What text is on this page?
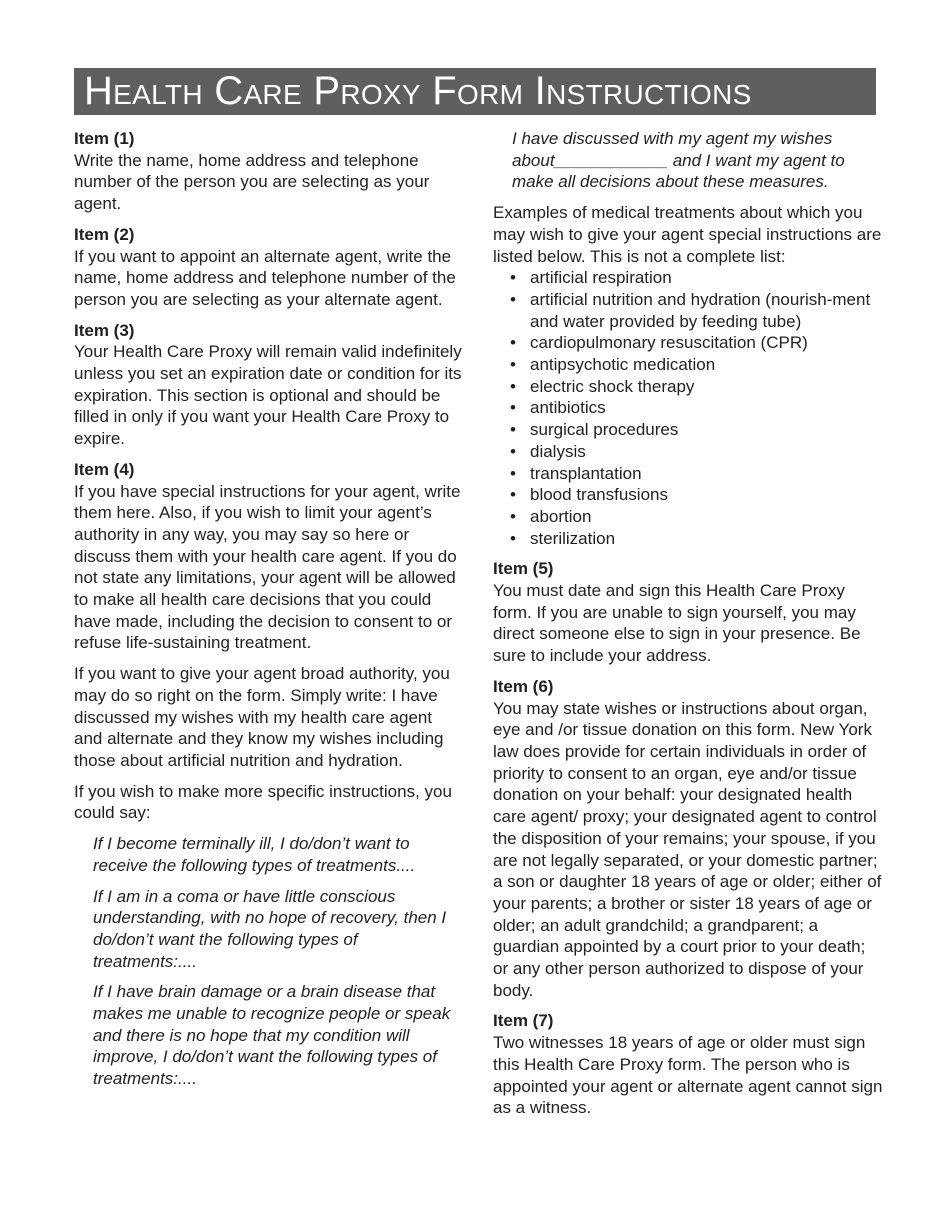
Health Care Proxy Form Instructions

Item (1)

Write the name, home address and telephone number of the person you are selecting as your agent.

Item (2)

If you want to appoint an alternate agent, write the name, home address and telephone number of the person you are selecting as your alternate agent.

Item (3)

Your Health Care Proxy will remain valid indefinitely unless you set an expiration date or condition for its expiration. This section is optional and should be filled in only if you want your Health Care Proxy to expire.

Item (4)

If you have special instructions for your agent, write them here. Also, if you wish to limit your agent’s authority in any way, you may say so here or discuss them with your health care agent. If you do not state any limitations, your agent will be allowed to make all health care decisions that you could have made, including the decision to consent to or refuse life-sustaining treatment.

If you want to give your agent broad authority, you may do so right on the form. Simply write: I have discussed my wishes with my health care agent and alternate and they know my wishes including those about artificial nutrition and hydration.

If you wish to make more specific instructions, you could say:

If I become terminally ill, I do/don’t want to receive the following types of treatments....

If I am in a coma or have little conscious understanding, with no hope of recovery, then I do/don’t want the following types of treatments:....

If I have brain damage or a brain disease that makes me unable to recognize people or speak and there is no hope that my condition will improve, I do/don’t want the following types of treatments:....

I have discussed with my agent my wishes about____________ and I want my agent to make all decisions about these measures.

Examples of medical treatments about which you may wish to give your agent special instructions are listed below. This is not a complete list:

• artificial respiration
• artificial nutrition and hydration (nourish-ment and water provided by feeding tube)
• cardiopulmonary resuscitation (CPR)
• antipsychotic medication
• electric shock therapy
• antibiotics
• surgical procedures
• dialysis
• transplantation
• blood transfusions
• abortion
• sterilization

Item (5)

You must date and sign this Health Care Proxy form. If you are unable to sign yourself, you may direct someone else to sign in your presence. Be sure to include your address.

Item (6)

You may state wishes or instructions about organ, eye and /or tissue donation on this form. New York law does provide for certain individuals in order of priority to consent to an organ, eye and/or tissue donation on your behalf: your designated health care agent/ proxy; your designated agent to control the disposition of your remains; your spouse, if you are not legally separated, or your domestic partner; a son or daughter 18 years of age or older; either of your parents; a brother or sister 18 years of age or older; an adult grandchild; a grandparent; a guardian appointed by a court prior to your death; or any other person authorized to dispose of your body.

Item (7)

Two witnesses 18 years of age or older must sign this Health Care Proxy form. The person who is appointed your agent or alternate agent cannot sign as a witness.
